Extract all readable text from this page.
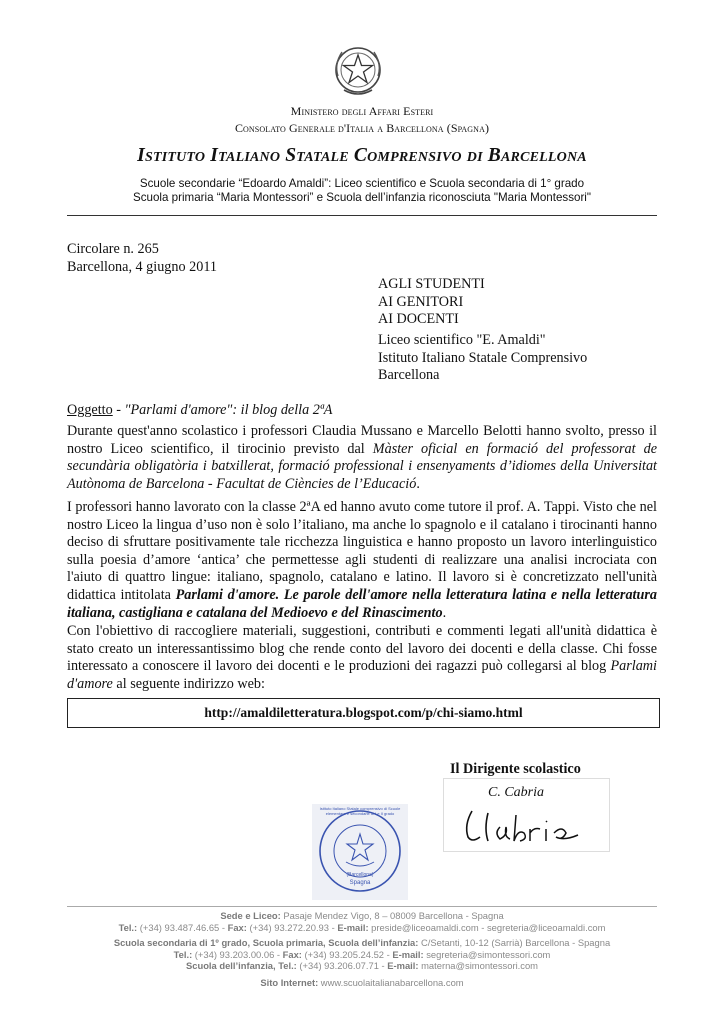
Ministero degli Affari Esteri
Consolato Generale d'Italia a Barcellona (Spagna)
Istituto Italiano Statale Comprensivo di Barcellona
Scuole secondarie “Edoardo Amaldi”: Liceo scientifico e Scuola secondaria di 1° grado
Scuola primaria “Maria Montessori” e Scuola dell’infanzia riconosciuta "Maria Montessori"
Circolare n. 265
Barcellona, 4 giugno 2011
AGLI STUDENTI
AI GENITORI
AI DOCENTI
Liceo scientifico "E. Amaldi"
Istituto Italiano Statale Comprensivo
Barcellona
Oggetto - "Parlami d'amore": il blog della 2ªA
Durante quest'anno scolastico i professori Claudia Mussano e Marcello Belotti hanno svolto, presso il nostro Liceo scientifico, il tirocinio previsto dal Màster oficial en formació del professorat de secundària obligatòria i batxillerat, formació professional i ensenyaments d’idiomes della Universitat Autònoma de Barcelona - Facultat de Ciències de l’Educació.
I professori hanno lavorato con la classe 2ªA ed hanno avuto come tutore il prof. A. Tappi. Visto che nel nostro Liceo la lingua d’uso non è solo l’italiano, ma anche lo spagnolo e il catalano i tirocinanti hanno deciso di sfruttare positivamente tale ricchezza linguistica e hanno proposto un lavoro interlinguistico sulla poesia d’amore ‘antica’ che permettesse agli studenti di realizzare una analisi incrociata con l'aiuto di quattro lingue: italiano, spagnolo, catalano e latino. Il lavoro si è concretizzato nell'unità didattica intitolata Parlami d'amore. Le parole dell'amore nella letteratura latina e nella letteratura italiana, castigliana e catalana del Medioevo e del Rinascimento.
Con l'obiettivo di raccogliere materiali, suggestioni, contributi e commenti legati all'unità didattica è stato creato un interessantissimo blog che rende conto del lavoro dei docenti e della classe. Chi fosse interessato a conoscere il lavoro dei docenti e le produzioni dei ragazzi può collegarsi al blog Parlami d'amore al seguente indirizzo web:
http://amaldiletteratura.blogspot.com/p/chi-siamo.html
Il Dirigente scolastico
C. Cabria
Istituto Italiano Statale comprensivo di Scuole elementare e secondarie di I e II grado
(Barcellona)
Spagna
Sede e Liceo: Pasaje Mendez Vigo, 8 – 08009 Barcellona - Spagna
Tel.: (+34) 93.487.46.65 - Fax: (+34) 93.272.20.93 - E-mail: preside@liceoamaldi.com - segreteria@liceoamaldi.com
Scuola secondaria di 1º grado, Scuola primaria, Scuola dell’infanzia: C/Setanti, 10-12 (Sarrià) Barcellona - Spagna
Tel.: (+34) 93.203.00.06 - Fax: (+34) 93.205.24.52 - E-mail: segreteria@simontessori.com
Scuola dell’infanzia, Tel.: (+34) 93.206.07.71 - E-mail: materna@simontessori.com
Sito Internet: www.scuolaitalianabarcellona.com
